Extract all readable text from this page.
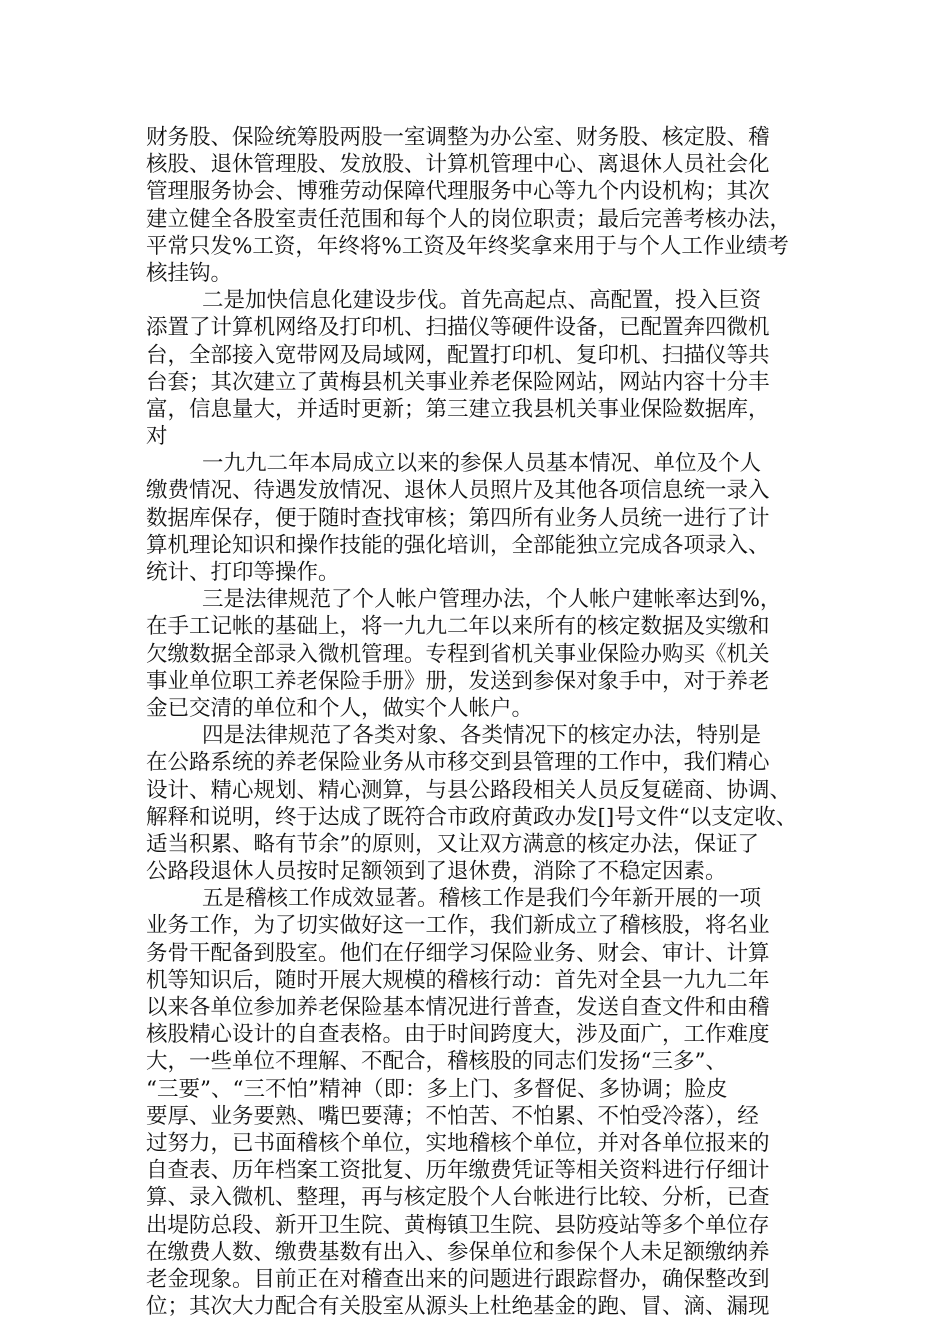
财务股、保险统筹股两股一室调整为办公室、财务股、核定股、稽
核股、退休管理股、发放股、计算机管理中心、离退休人员社会化
管理服务协会、博雅劳动保障代理服务中心等九个内设机构；其次
建立健全各股室责任范围和每个人的岗位职责；最后完善考核办法，
平常只发%工资，年终将%工资及年终奖拿来用于与个人工作业绩考
核挂钩。
二是加快信息化建设步伐。首先高起点、高配置，投入巨资
添置了计算机网络及打印机、扫描仪等硬件设备，已配置奔四微机
台，全部接入宽带网及局域网，配置打印机、复印机、扫描仪等共
台套；其次建立了黄梅县机关事业养老保险网站，网站内容十分丰
富，信息量大，并适时更新；第三建立我县机关事业保险数据库，
对
一九九二年本局成立以来的参保人员基本情况、单位及个人
缴费情况、待遇发放情况、退休人员照片及其他各项信息统一录入
数据库保存，便于随时查找审核；第四所有业务人员统一进行了计
算机理论知识和操作技能的强化培训，全部能独立完成各项录入、
统计、打印等操作。
三是法律规范了个人帐户管理办法，个人帐户建帐率达到%，
在手工记帐的基础上，将一九九二年以来所有的核定数据及实缴和
欠缴数据全部录入微机管理。专程到省机关事业保险办购买《机关
事业单位职工养老保险手册》册，发送到参保对象手中，对于养老
金已交清的单位和个人，做实个人帐户。
四是法律规范了各类对象、各类情况下的核定办法，特别是
在公路系统的养老保险业务从市移交到县管理的工作中，我们精心
设计、精心规划、精心测算，与县公路段相关人员反复磋商、协调、
解释和说明，终于达成了既符合市政府黄政办发[]号文件“以支定收、
适当积累、略有节余”的原则，又让双方满意的核定办法，保证了
公路段退休人员按时足额领到了退休费，消除了不稳定因素。
五是稽核工作成效显著。稽核工作是我们今年新开展的一项
业务工作，为了切实做好这一工作，我们新成立了稽核股，将名业
务骨干配备到股室。他们在仔细学习保险业务、财会、审计、计算
机等知识后，随时开展大规模的稽核行动：首先对全县一九九二年
以来各单位参加养老保险基本情况进行普查，发送自查文件和由稽
核股精心设计的自查表格。由于时间跨度大，涉及面广，工作难度
大，一些单位不理解、不配合，稽核股的同志们发扬“三多”、
“三要”、“三不怕”精神（即：多上门、多督促、多协调；脸皮
要厚、业务要熟、嘴巴要薄；不怕苦、不怕累、不怕受冷落），经
过努力，已书面稽核个单位，实地稽核个单位，并对各单位报来的
自查表、历年档案工资批复、历年缴费凭证等相关资料进行仔细计
算、录入微机、整理，再与核定股个人台帐进行比较、分析，已查
出堤防总段、新开卫生院、黄梅镇卫生院、县防疫站等多个单位存
在缴费人数、缴费基数有出入、参保单位和参保个人未足额缴纳养
老金现象。目前正在对稽查出来的问题进行跟踪督办，确保整改到
位；其次大力配合有关股室从源头上杜绝基金的跑、冒、滴、漏现
